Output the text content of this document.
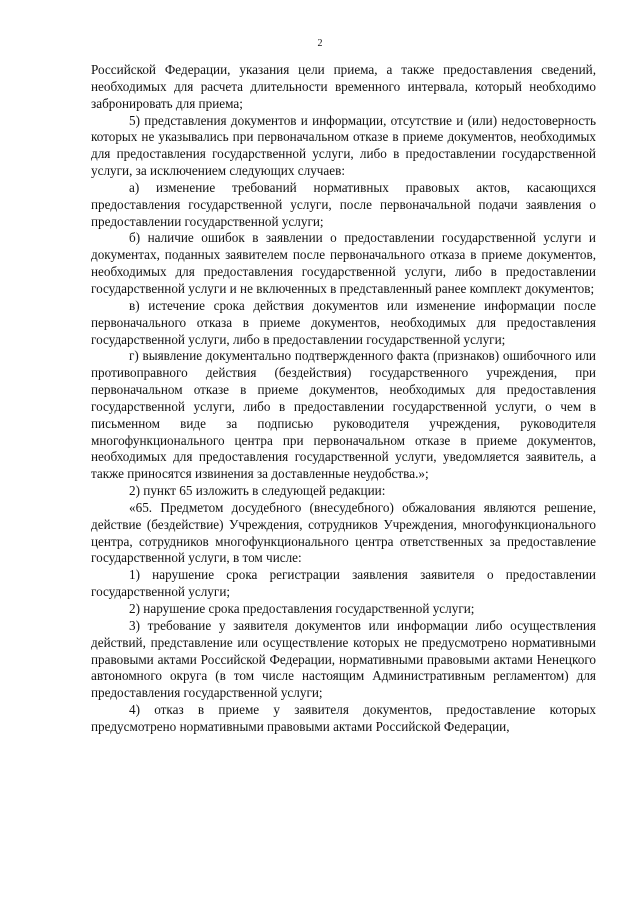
2

Российской Федерации, указания цели приема, а также предоставления сведений, необходимых для расчета длительности временного интервала, который необходимо забронировать для приема;

5) представления документов и информации, отсутствие и (или) недостоверность которых не указывались при первоначальном отказе в приеме документов, необходимых для предоставления государственной услуги, либо в предоставлении государственной услуги, за исключением следующих случаев:

а) изменение требований нормативных правовых актов, касающихся предоставления государственной услуги, после первоначальной подачи заявления о предоставлении государственной услуги;

б) наличие ошибок в заявлении о предоставлении государственной услуги и документах, поданных заявителем после первоначального отказа в приеме документов, необходимых для предоставления государственной услуги, либо в предоставлении государственной услуги и не включенных в представленный ранее комплект документов;

в) истечение срока действия документов или изменение информации после первоначального отказа в приеме документов, необходимых для предоставления государственной услуги, либо в предоставлении государственной услуги;

г) выявление документально подтвержденного факта (признаков) ошибочного или противоправного действия (бездействия) государственного учреждения, при первоначальном отказе в приеме документов, необходимых для предоставления государственной услуги, либо в предоставлении государственной услуги, о чем в письменном виде за подписью руководителя учреждения, руководителя многофункционального центра при первоначальном отказе в приеме документов, необходимых для предоставления государственной услуги, уведомляется заявитель, а также приносятся извинения за доставленные неудобства.»;

2) пункт 65 изложить в следующей редакции:

«65. Предметом досудебного (внесудебного) обжалования являются решение, действие (бездействие) Учреждения, сотрудников Учреждения, многофункционального центра, сотрудников многофункционального центра ответственных за предоставление государственной услуги, в том числе:

1) нарушение срока регистрации заявления заявителя о предоставлении государственной услуги;

2) нарушение срока предоставления государственной услуги;

3) требование у заявителя документов или информации либо осуществления действий, представление или осуществление которых не предусмотрено нормативными правовыми актами Российской Федерации, нормативными правовыми актами Ненецкого автономного округа (в том числе настоящим Административным регламентом) для предоставления государственной услуги;

4) отказ в приеме у заявителя документов, предоставление которых предусмотрено нормативными правовыми актами Российской Федерации,
